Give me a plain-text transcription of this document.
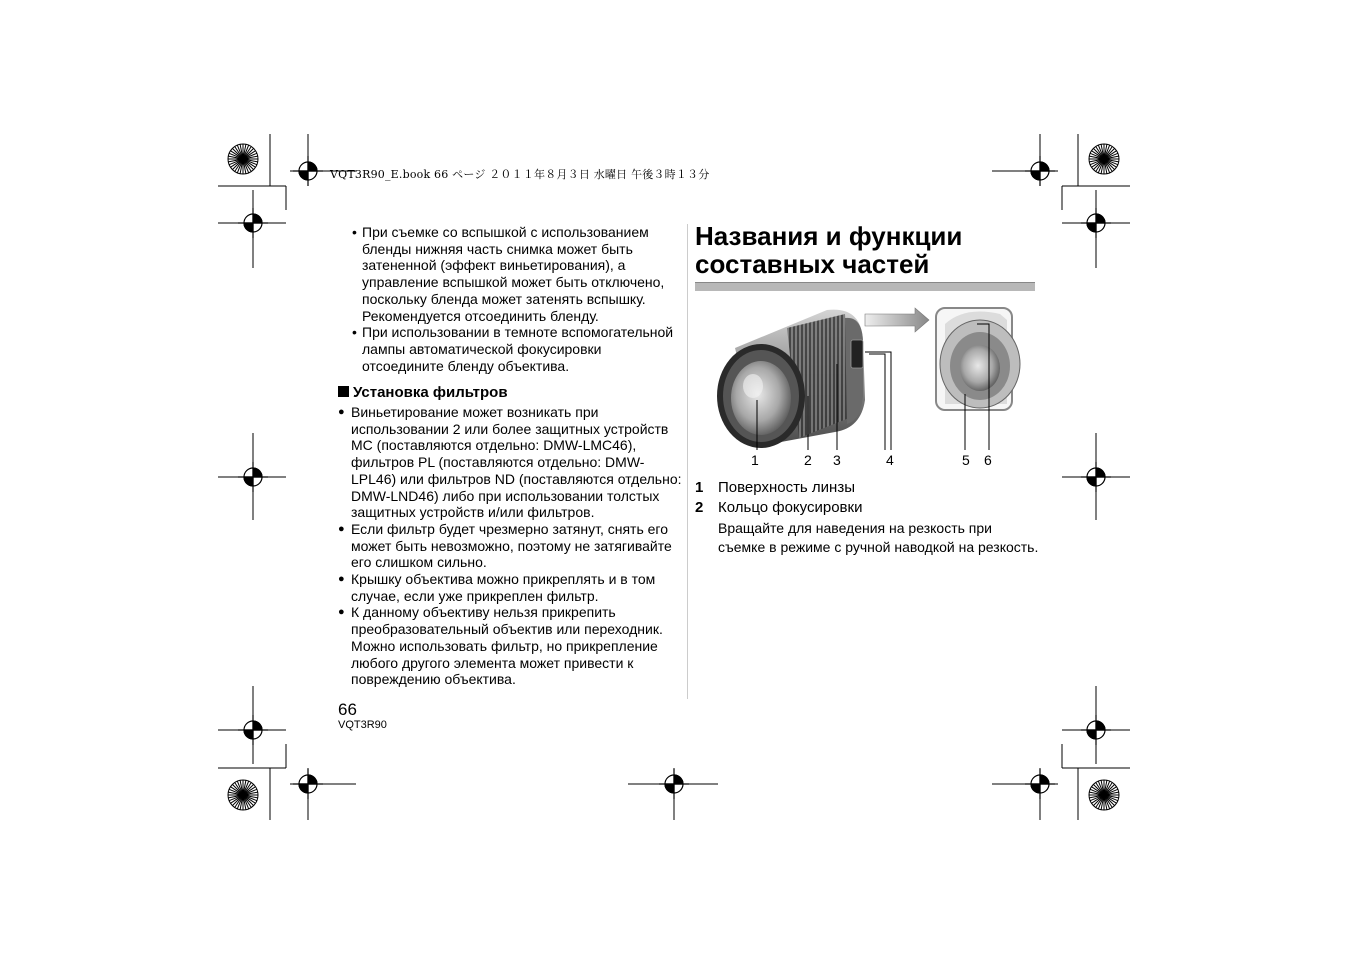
VQT3R90_E.book 66 ページ ２０１１年８月３日 水曜日 午後３時１３分
• При съемке со вспышкой с использованием бленды нижняя часть снимка может быть затененной (эффект виньетирования), а управление вспышкой может быть отключено, поскольку бленда может затенять вспышку. Рекомендуется отсоединить бленду.
• При использовании в темноте вспомогательной лампы автоматической фокусировки отсоедините бленду объектива.
Установка фильтров
● Виньетирование может возникать при использовании 2 или более защитных устройств MC (поставляются отдельно: DMW-LMC46), фильтров PL (поставляются отдельно: DMW-LPL46) или фильтров ND (поставляются отдельно: DMW-LND46) либо при использовании толстых защитных устройств и/или фильтров.
● Если фильтр будет чрезмерно затянут, снять его может быть невозможно, поэтому не затягивайте его слишком сильно.
● Крышку объектива можно прикреплять и в том случае, если уже прикреплен фильтр.
● К данному объективу нельзя прикрепить преобразовательный объектив или переходник. Можно использовать фильтр, но прикрепление любого другого элемента может привести к повреждению объектива.
Названия и функции
составных частей
1	2 3	4	5 6
1 Поверхность линзы
2 Кольцо фокусировки
Вращайте для наведения на резкость при съемке в режиме с ручной наводкой на резкость.
66
VQT3R90
